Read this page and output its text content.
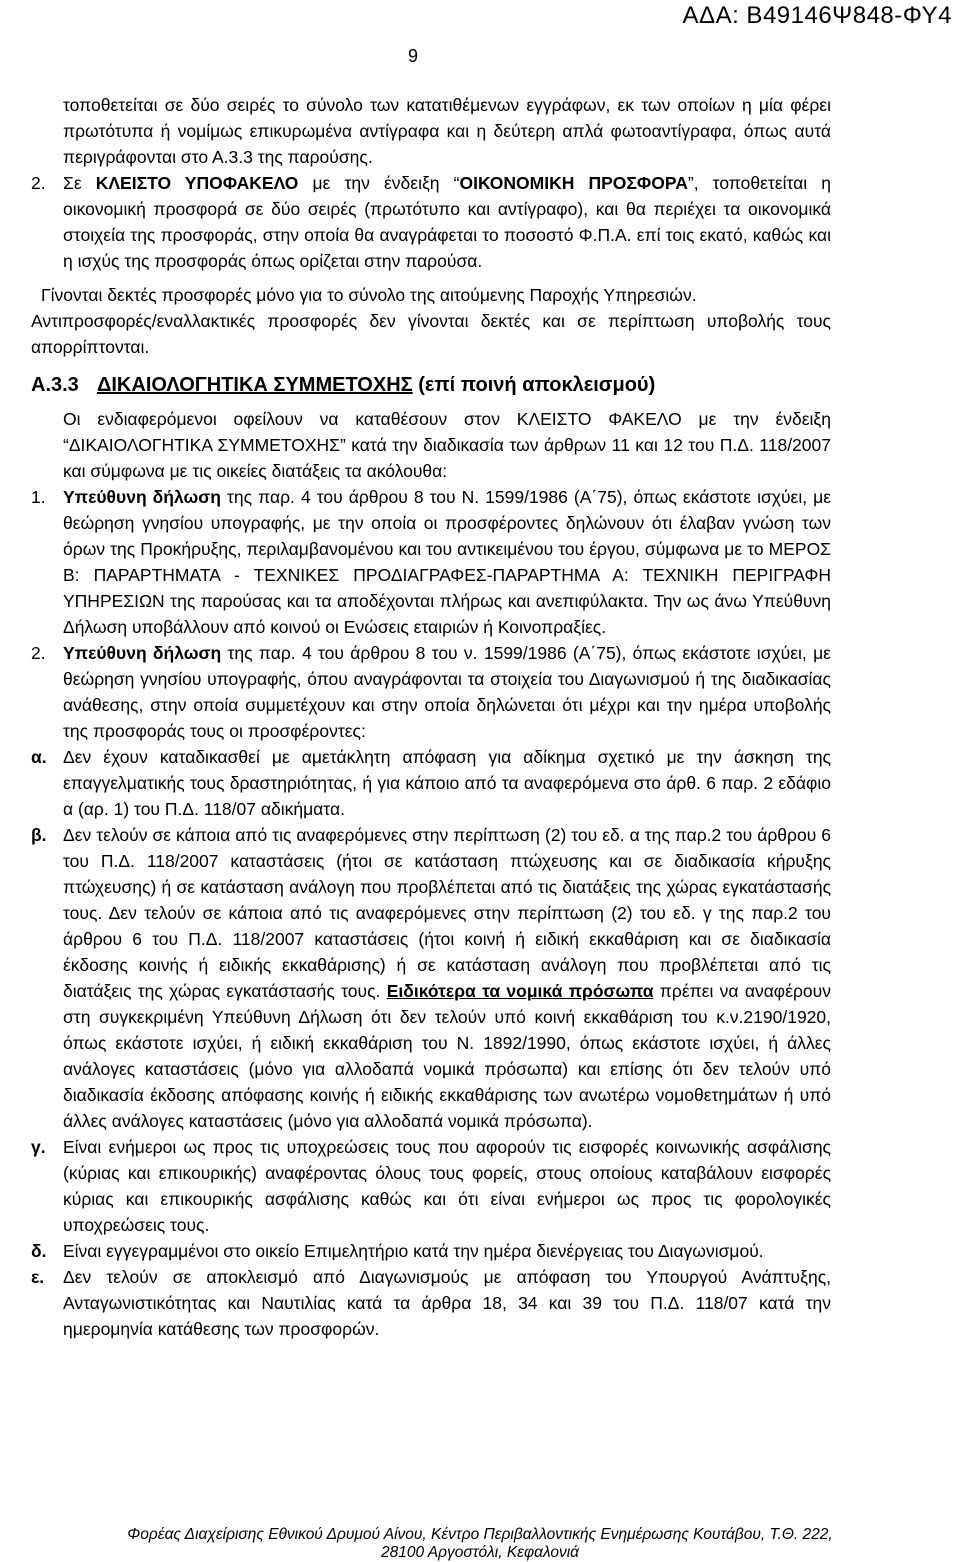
ΑΔΑ: Β49146Ψ848-ΦΥ4
9

τοποθετείται σε δύο σειρές το σύνολο των κατατιθέμενων εγγράφων, εκ των οποίων η μία φέρει πρωτότυπα ή νομίμως επικυρωμένα αντίγραφα και η δεύτερη απλά φωτοαντίγραφα, όπως αυτά περιγράφονται στο Α.3.3 της παρούσης.

2. Σε ΚΛΕΙΣΤΟ ΥΠΟΦΑΚΕΛΟ με την ένδειξη “ΟΙΚΟΝΟΜΙΚΗ ΠΡΟΣΦΟΡΑ”, τοποθετείται η οικονομική προσφορά σε δύο σειρές (πρωτότυπο και αντίγραφο), και θα περιέχει τα οικονομικά στοιχεία της προσφοράς, στην οποία θα αναγράφεται το ποσοστό Φ.Π.Α. επί τοις εκατό, καθώς και η ισχύς της προσφοράς όπως ορίζεται στην παρούσα.

Γίνονται δεκτές προσφορές μόνο για το σύνολο της αιτούμενης Παροχής Υπηρεσιών.

Αντιπροσφορές/εναλλακτικές προσφορές δεν γίνονται δεκτές και σε περίπτωση υποβολής τους απορρίπτονται.

Α.3.3 ΔΙΚΑΙΟΛΟΓΗΤΙΚΑ ΣΥΜΜΕΤΟΧΗΣ (επί ποινή αποκλεισμού)

Οι ενδιαφερόμενοι οφείλουν να καταθέσουν στον ΚΛΕΙΣΤΟ ΦΑΚΕΛΟ με την ένδειξη “ΔΙΚΑΙΟΛΟΓΗΤΙΚΑ ΣΥΜΜΕΤΟΧΗΣ” κατά την διαδικασία των άρθρων 11 και 12 του Π.Δ. 118/2007 και σύμφωνα με τις οικείες διατάξεις τα ακόλουθα:

1. Υπεύθυνη δήλωση της παρ. 4 του άρθρου 8 του Ν. 1599/1986 (Α΄75), όπως εκάστοτε ισχύει, με θεώρηση γνησίου υπογραφής, με την οποία οι προσφέροντες δηλώνουν ότι έλαβαν γνώση των όρων της Προκήρυξης, περιλαμβανομένου και του αντικειμένου του έργου, σύμφωνα με το ΜΕΡΟΣ Β: ΠΑΡΑΡΤΗΜΑΤΑ - ΤΕΧΝΙΚΕΣ ΠΡΟΔΙΑΓΡΑΦΕΣ-ΠΑΡΑΡΤΗΜΑ Α: ΤΕΧΝΙΚΗ ΠΕΡΙΓΡΑΦΗ ΥΠΗΡΕΣΙΩΝ της παρούσας και τα αποδέχονται πλήρως και ανεπιφύλακτα. Την ως άνω Υπεύθυνη Δήλωση υποβάλλουν από κοινού οι Ενώσεις εταιριών ή Κοινοπραξίες.

2. Υπεύθυνη δήλωση της παρ. 4 του άρθρου 8 του ν. 1599/1986 (Α΄75), όπως εκάστοτε ισχύει, με θεώρηση γνησίου υπογραφής, όπου αναγράφονται τα στοιχεία του Διαγωνισμού ή της διαδικασίας ανάθεσης, στην οποία συμμετέχουν και στην οποία δηλώνεται ότι μέχρι και την ημέρα υποβολής της προσφοράς τους οι προσφέροντες:

α. Δεν έχουν καταδικασθεί με αμετάκλητη απόφαση για αδίκημα σχετικό με την άσκηση της επαγγελματικής τους δραστηριότητας, ή για κάποιο από τα αναφερόμενα στο άρθ. 6 παρ. 2 εδάφιο α (αρ. 1) του Π.Δ. 118/07 αδικήματα.

β. Δεν τελούν σε κάποια από τις αναφερόμενες στην περίπτωση (2) του εδ. α της παρ.2 του άρθρου 6 του Π.Δ. 118/2007 καταστάσεις (ήτοι σε κατάσταση πτώχευσης και σε διαδικασία κήρυξης πτώχευσης) ή σε κατάσταση ανάλογη που προβλέπεται από τις διατάξεις της χώρας εγκατάστασής τους. Δεν τελούν σε κάποια από τις αναφερόμενες στην περίπτωση (2) του εδ. γ της παρ.2 του άρθρου 6 του Π.Δ. 118/2007 καταστάσεις (ήτοι κοινή ή ειδική εκκαθάριση και σε διαδικασία έκδοσης κοινής ή ειδικής εκκαθάρισης) ή σε κατάσταση ανάλογη που προβλέπεται από τις διατάξεις της χώρας εγκατάστασής τους. Ειδικότερα τα νομικά πρόσωπα πρέπει να αναφέρουν στη συγκεκριμένη Υπεύθυνη Δήλωση ότι δεν τελούν υπό κοινή εκκαθάριση του κ.ν.2190/1920, όπως εκάστοτε ισχύει, ή ειδική εκκαθάριση του Ν. 1892/1990, όπως εκάστοτε ισχύει, ή άλλες ανάλογες καταστάσεις (μόνο για αλλοδαπά νομικά πρόσωπα) και επίσης ότι δεν τελούν υπό διαδικασία έκδοσης απόφασης κοινής ή ειδικής εκκαθάρισης των ανωτέρω νομοθετημάτων ή υπό άλλες ανάλογες καταστάσεις (μόνο για αλλοδαπά νομικά πρόσωπα).

γ. Είναι ενήμεροι ως προς τις υποχρεώσεις τους που αφορούν τις εισφορές κοινωνικής ασφάλισης (κύριας και επικουρικής) αναφέροντας όλους τους φορείς, στους οποίους καταβάλουν εισφορές κύριας και επικουρικής ασφάλισης καθώς και ότι είναι ενήμεροι ως προς τις φορολογικές υποχρεώσεις τους.

δ. Είναι εγγεγραμμένοι στο οικείο Επιμελητήριο κατά την ημέρα διενέργειας του Διαγωνισμού.

ε. Δεν τελούν σε αποκλεισμό από Διαγωνισμούς με απόφαση του Υπουργού Ανάπτυξης, Ανταγωνιστικότητας και Ναυτιλίας κατά τα άρθρα 18, 34 και 39 του Π.Δ. 118/07 κατά την ημερομηνία κατάθεσης των προσφορών.

Φορέας Διαχείρισης Εθνικού Δρυμού Αίνου, Κέντρο Περιβαλλοντικής Ενημέρωσης Κουτάβου, Τ.Θ. 222,
28100 Αργοστόλι, Κεφαλονιά
